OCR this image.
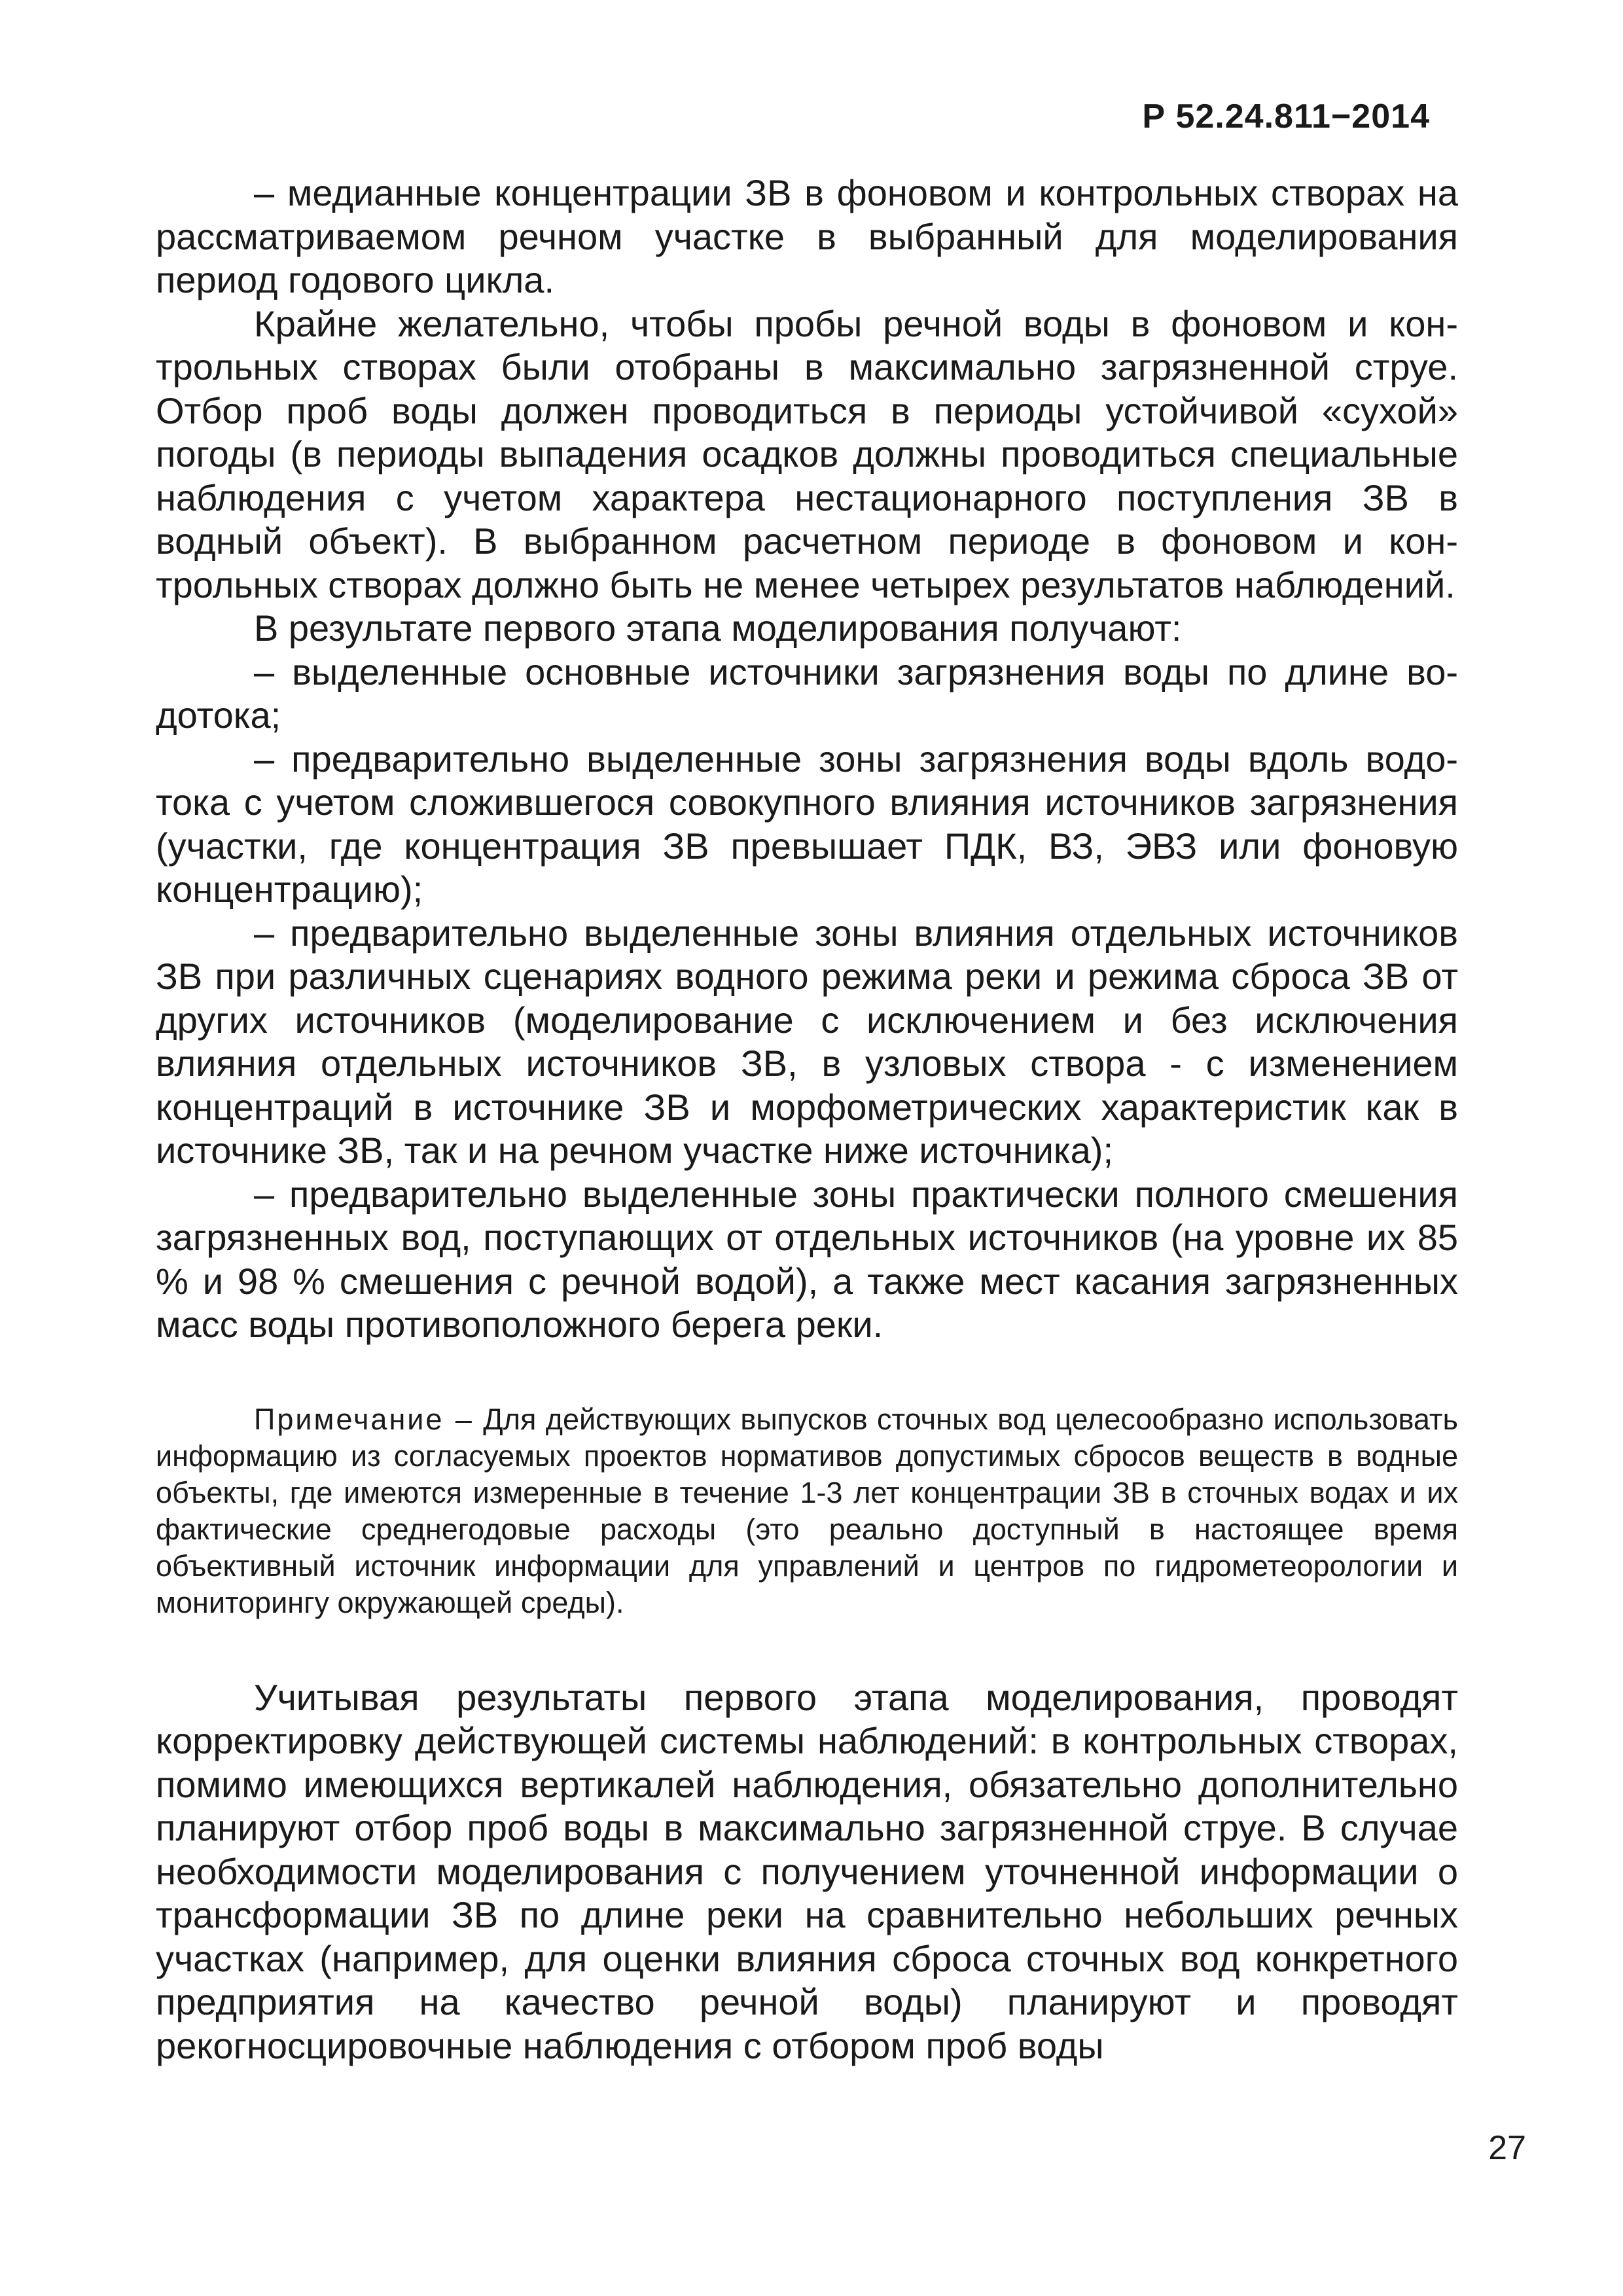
Р 52.24.811−2014

– медианные концентрации ЗВ в фоновом и контрольных створах на рассматриваемом речном участке в выбранный для моделирования период годового цикла.

Крайне желательно, чтобы пробы речной воды в фоновом и контрольных створах были отобраны в максимально загрязненной струе. Отбор проб воды должен проводиться в периоды устойчивой «сухой» погоды (в периоды выпадения осадков должны проводиться специальные наблюдения с учетом характера нестационарного поступления ЗВ в водный объект). В выбранном расчетном периоде в фоновом и контрольных створах должно быть не менее четырех результатов наблюдений.

В результате первого этапа моделирования получают:

– выделенные основные источники загрязнения воды по длине водотока;

– предварительно выделенные зоны загрязнения воды вдоль водотока с учетом сложившегося совокупного влияния источников загрязнения (участки, где концентрация ЗВ превышает ПДК, ВЗ, ЭВЗ или фоновую концентрацию);

– предварительно выделенные зоны влияния отдельных источников ЗВ при различных сценариях водного режима реки и режима сброса ЗВ от других источников (моделирование с исключением и без исключения влияния отдельных источников ЗВ, в узловых створа - с изменением концентраций в источнике ЗВ и морфометрических характеристик как в источнике ЗВ, так и на речном участке ниже источника);

– предварительно выделенные зоны практически полного смешения загрязненных вод, поступающих от отдельных источников (на уровне их 85 % и 98 % смешения с речной водой), а также мест касания загрязненных масс воды противоположного берега реки.

Примечание – Для действующих выпусков сточных вод целесообразно использовать информацию из согласуемых проектов нормативов допустимых сбросов веществ в водные объекты, где имеются измеренные в течение 1-3 лет концентрации ЗВ в сточных водах и их фактические среднегодовые расходы (это реально доступный в настоящее время объективный источник информации для управлений и центров по гидрометеорологии и мониторингу окружающей среды).

Учитывая результаты первого этапа моделирования, проводят корректировку действующей системы наблюдений: в контрольных створах, помимо имеющихся вертикалей наблюдения, обязательно дополнительно планируют отбор проб воды в максимально загрязненной струе. В случае необходимости моделирования с получением уточненной информации о трансформации ЗВ по длине реки на сравнительно небольших речных участках (например, для оценки влияния сброса сточных вод конкретного предприятия на качество речной воды) планируют и проводят рекогносцировочные наблюдения с отбором проб воды

27
